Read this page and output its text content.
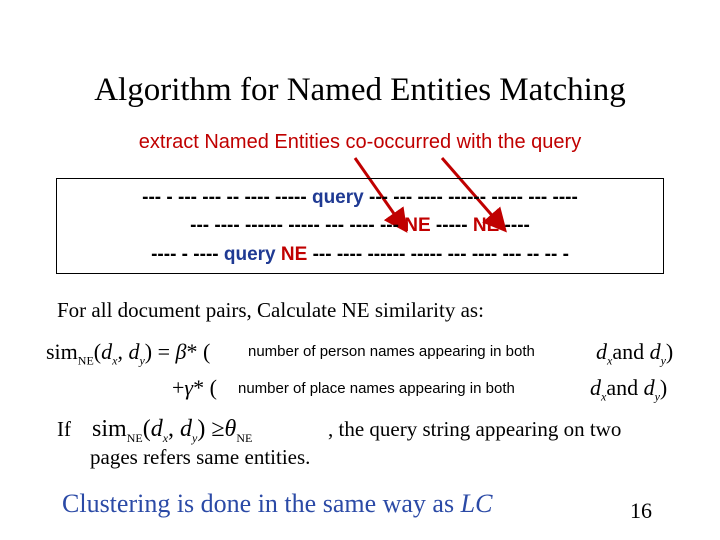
Algorithm for Named Entities Matching
extract Named Entities co-occurred with the query
--- - --- --- -- ---- ----- query --- --- ---- ------ ----- --- ----
--- ---- ------ ----- --- ---- --- NE ----- NE ----
---- - ---- query NE --- ---- ------ ----- --- ---- --- -- -- -
For all document pairs, Calculate NE similarity as:
$sim_{NE}(d_x$, $d_y) = \beta*$ (	number of person names appearing in both	$d_xand$ $d_y$)
+γ* ( number of place names appearing in both	$d_xand$ $d_y$)
If $sim_{NE}(d_x$, $d_y) \ge\theta_{NE}$	, the query string appearing on two
pages refers same entities.
Clustering is done in the same way as LC	16
